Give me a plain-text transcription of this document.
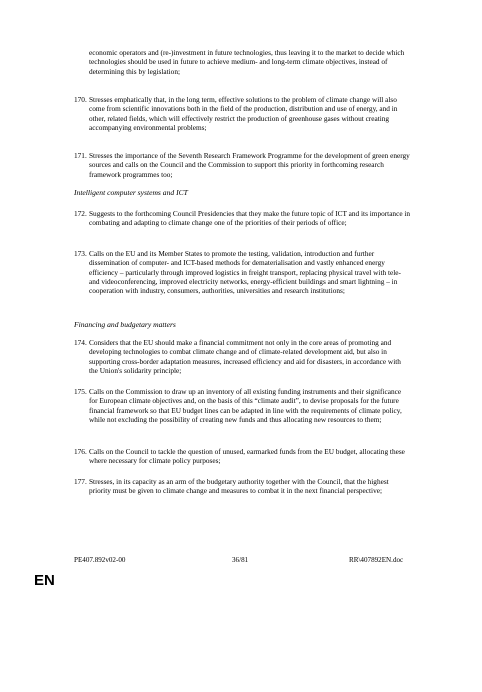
economic operators and (re-)investment in future technologies, thus leaving it to the market to decide which technologies should be used in future to achieve medium- and long-term climate objectives, instead of determining this by legislation;
170. Stresses emphatically that, in the long term, effective solutions to the problem of climate change will also come from scientific innovations both in the field of the production, distribution and use of energy, and in other, related fields, which will effectively restrict the production of greenhouse gases without creating accompanying environmental problems;
171. Stresses the importance of the Seventh Research Framework Programme for the development of green energy sources and calls on the Council and the Commission to support this priority in forthcoming research framework programmes too;
Intelligent computer systems and ICT
172. Suggests to the forthcoming Council Presidencies that they make the future topic of ICT and its importance in combating and adapting to climate change one of the priorities of their periods of office;
173. Calls on the EU and its Member States to promote the testing, validation, introduction and further dissemination of computer- and ICT-based methods for dematerialisation and vastly enhanced energy efficiency – particularly through improved logistics in freight transport, replacing physical travel with tele- and videoconferencing, improved electricity networks, energy-efficient buildings and smart lightning – in cooperation with industry, consumers, authorities, universities and research institutions;
Financing and budgetary matters
174. Considers that the EU should make a financial commitment not only in the core areas of promoting and developing technologies to combat climate change and of climate-related development aid, but also in supporting cross-border adaptation measures, increased efficiency and aid for disasters, in accordance with the Union's solidarity principle;
175. Calls on the Commission to draw up an inventory of all existing funding instruments and their significance for European climate objectives and, on the basis of this “climate audit”, to devise proposals for the future financial framework so that EU budget lines can be adapted in line with the requirements of climate policy, while not excluding the possibility of creating new funds and thus allocating new resources to them;
176. Calls on the Council to tackle the question of unused, earmarked funds from the EU budget, allocating these where necessary for climate policy purposes;
177. Stresses, in its capacity as an arm of the budgetary authority together with the Council, that the highest priority must be given to climate change and measures to combat it in the next financial perspective;
PE407.892v02-00	36/81	RR\407892EN.doc
EN
